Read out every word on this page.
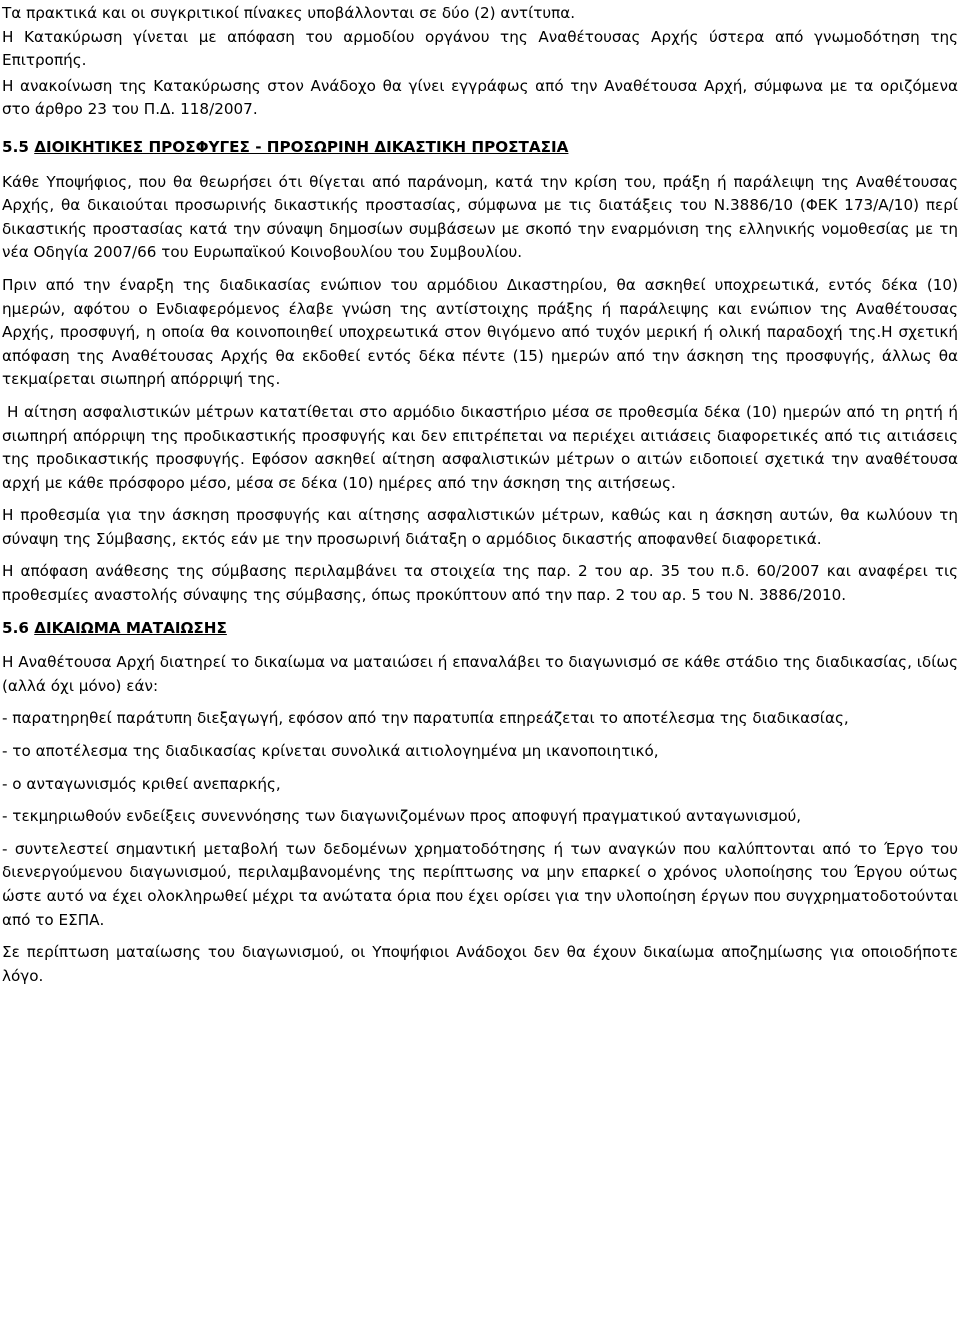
Τα πρακτικά και οι συγκριτικοί πίνακες υποβάλλονται σε δύο (2) αντίτυπα.

Η Κατακύρωση γίνεται με απόφαση του αρμοδίου οργάνου της Αναθέτουσας Αρχής ύστερα από γνωμοδότηση της Επιτροπής.

Η ανακοίνωση της Κατακύρωσης στον Ανάδοχο θα γίνει εγγράφως από την Αναθέτουσα Αρχή, σύμφωνα με τα οριζόμενα στο άρθρο 23 του Π.Δ. 118/2007.

5.5 ΔΙΟΙΚΗΤΙΚΕΣ ΠΡΟΣΦΥΓΕΣ - ΠΡΟΣΩΡΙΝΗ ΔΙΚΑΣΤΙΚΗ ΠΡΟΣΤΑΣΙΑ

Κάθε Υποψήφιος, που θα θεωρήσει ότι θίγεται από παράνομη, κατά την κρίση του, πράξη ή παράλειψη της Αναθέτουσας Αρχής, θα δικαιούται προσωρινής δικαστικής προστασίας, σύμφωνα με τις διατάξεις του Ν.3886/10 (ΦΕΚ 173/Α/10) περί δικαστικής προστασίας κατά την σύναψη δημοσίων συμβάσεων με σκοπό την εναρμόνιση της ελληνικής νομοθεσίας με τη νέα Οδηγία 2007/66 του Ευρωπαϊκού Κοινοβουλίου του Συμβουλίου.

Πριν από την έναρξη της διαδικασίας ενώπιον του αρμόδιου Δικαστηρίου, θα ασκηθεί υποχρεωτικά, εντός δέκα (10) ημερών, αφότου ο Ενδιαφερόμενος έλαβε γνώση της αντίστοιχης πράξης ή παράλειψης και ενώπιον της Αναθέτουσας Αρχής, προσφυγή, η οποία θα κοινοποιηθεί υποχρεωτικά στον θιγόμενο από τυχόν μερική ή ολική παραδοχή της.Η σχετική απόφαση της Αναθέτουσας Αρχής θα εκδοθεί εντός δέκα πέντε (15) ημερών από την άσκηση της προσφυγής, άλλως θα τεκμαίρεται σιωπηρή απόρριψή της.

Η αίτηση ασφαλιστικών μέτρων κατατίθεται στο αρμόδιο δικαστήριο μέσα σε προθεσμία δέκα (10) ημερών από τη ρητή ή σιωπηρή απόρριψη της προδικαστικής προσφυγής και δεν επιτρέπεται να περιέχει αιτιάσεις διαφορετικές από τις αιτιάσεις της προδικαστικής προσφυγής. Εφόσον ασκηθεί αίτηση ασφαλιστικών μέτρων ο αιτών ειδοποιεί σχετικά την αναθέτουσα αρχή με κάθε πρόσφορο μέσο, μέσα σε δέκα (10) ημέρες από την άσκηση της αιτήσεως.

Η προθεσμία για την άσκηση προσφυγής και αίτησης ασφαλιστικών μέτρων, καθώς και η άσκηση αυτών, θα κωλύουν τη σύναψη της Σύμβασης, εκτός εάν με την προσωρινή διάταξη ο αρμόδιος δικαστής αποφανθεί διαφορετικά.

Η απόφαση ανάθεσης της σύμβασης περιλαμβάνει τα στοιχεία της παρ. 2 του αρ. 35 του π.δ. 60/2007 και αναφέρει τις προθεσμίες αναστολής σύναψης της σύμβασης, όπως προκύπτουν από την παρ. 2 του αρ. 5 του Ν. 3886/2010.

5.6 ΔΙΚΑΙΩΜΑ ΜΑΤΑΙΩΣΗΣ

Η Αναθέτουσα Αρχή διατηρεί το δικαίωμα να ματαιώσει ή επαναλάβει το διαγωνισμό σε κάθε στάδιο της διαδικασίας, ιδίως (αλλά όχι μόνο) εάν:

- παρατηρηθεί παράτυπη διεξαγωγή, εφόσον από την παρατυπία επηρεάζεται το αποτέλεσμα της διαδικασίας,
- το αποτέλεσμα της διαδικασίας κρίνεται συνολικά αιτιολογημένα μη ικανοποιητικό,
- ο ανταγωνισμός κριθεί ανεπαρκής,
- τεκμηριωθούν ενδείξεις συνεννόησης των διαγωνιζομένων προς αποφυγή πραγματικού ανταγωνισμού,
- συντελεστεί σημαντική μεταβολή των δεδομένων χρηματοδότησης ή των αναγκών που καλύπτονται από το Έργο του διενεργούμενου διαγωνισμού, περιλαμβανομένης της περίπτωσης να μην επαρκεί ο χρόνος υλοποίησης του Έργου ούτως ώστε αυτό να έχει ολοκληρωθεί μέχρι τα ανώτατα όρια που έχει ορίσει για την υλοποίηση έργων που συγχρηματοδοτούνται από το ΕΣΠΑ.

Σε περίπτωση ματαίωσης του διαγωνισμού, οι Υποψήφιοι Ανάδοχοι δεν θα έχουν δικαίωμα αποζημίωσης για οποιοδήποτε λόγο.
